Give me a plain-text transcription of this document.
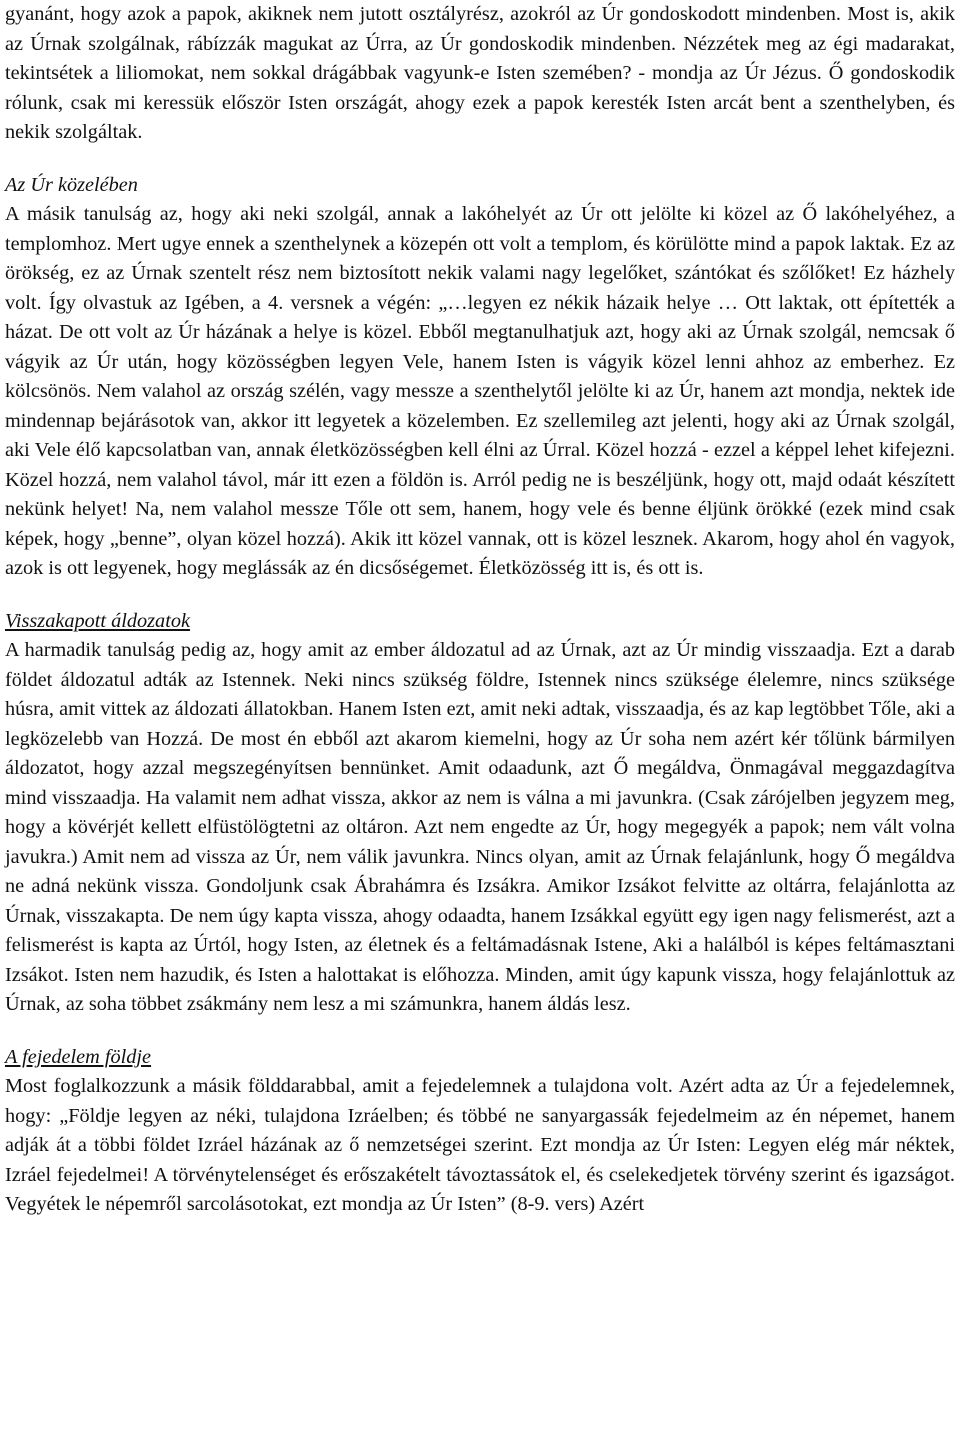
gyanánt, hogy azok a papok, akiknek nem jutott osztályrész, azokról az Úr gondoskodott mindenben. Most is, akik az Úrnak szolgálnak, rábízzák magukat az Úrra, az Úr gondoskodik mindenben. Nézzétek meg az égi madarakat, tekintsétek a liliomokat, nem sokkal drágábbak vagyunk-e Isten szemében? - mondja az Úr Jézus. Ő gondoskodik rólunk, csak mi keressük először Isten országát, ahogy ezek a papok keresték Isten arcát bent a szenthelyben, és nekik szolgáltak.

Az Úr közelében

A másik tanulság az, hogy aki neki szolgál, annak a lakóhelyét az Úr ott jelölte ki közel az Ő lakóhelyéhez, a templomhoz. Mert ugye ennek a szenthelynek a közepén ott volt a templom, és körülötte mind a papok laktak. Ez az örökség, ez az Úrnak szentelt rész nem biztosított nekik valami nagy legelőket, szántókat és szőlőket! Ez házhely volt. Így olvastuk az Igében, a 4. versnek a végén: „…legyen ez nékik házaik helye … Ott laktak, ott építették a házat. De ott volt az Úr házának a helye is közel. Ebből megtanulhatjuk azt, hogy aki az Úrnak szolgál, nemcsak ő vágyik az Úr után, hogy közösségben legyen Vele, hanem Isten is vágyik közel lenni ahhoz az emberhez. Ez kölcsönös. Nem valahol az ország szélén, vagy messze a szenthelytől jelölte ki az Úr, hanem azt mondja, nektek ide mindennap bejárásotok van, akkor itt legyetek a közelemben. Ez szellemileg azt jelenti, hogy aki az Úrnak szolgál, aki Vele élő kapcsolatban van, annak életközösségben kell élni az Úrral. Közel hozzá - ezzel a képpel lehet kifejezni. Közel hozzá, nem valahol távol, már itt ezen a földön is. Arról pedig ne is beszéljünk, hogy ott, majd odaát készített nekünk helyet! Na, nem valahol messze Tőle ott sem, hanem, hogy vele és benne éljünk örökké (ezek mind csak képek, hogy „benne”, olyan közel hozzá). Akik itt közel vannak, ott is közel lesznek. Akarom, hogy ahol én vagyok, azok is ott legyenek, hogy meglássák az én dicsőségemet. Életközösség itt is, és ott is.

Visszakapott áldozatok

A harmadik tanulság pedig az, hogy amit az ember áldozatul ad az Úrnak, azt az Úr mindig visszaadja. Ezt a darab földet áldozatul adták az Istennek. Neki nincs szükség földre, Istennek nincs szüksége élelemre, nincs szüksége húsra, amit vittek az áldozati állatokban. Hanem Isten ezt, amit neki adtak, visszaadja, és az kap legtöbbet Tőle, aki a legközelebb van Hozzá. De most én ebből azt akarom kiemelni, hogy az Úr soha nem azért kér tőlünk bármilyen áldozatot, hogy azzal megszegényítsen bennünket. Amit odaadunk, azt Ő megáldva, Önmagával meggazdagítva mind visszaadja. Ha valamit nem adhat vissza, akkor az nem is válna a mi javunkra. (Csak zárójelben jegyzem meg, hogy a kövérjét kellett elfüstölögtetni az oltáron. Azt nem engedte az Úr, hogy megegyék a papok; nem vált volna javukra.) Amit nem ad vissza az Úr, nem válik javunkra. Nincs olyan, amit az Úrnak felajánlunk, hogy Ő megáldva ne adná nekünk vissza. Gondoljunk csak Ábrahámra és Izsákra. Amikor Izsákot felvitte az oltárra, felajánlotta az Úrnak, visszakapta. De nem úgy kapta vissza, ahogy odaadta, hanem Izsákkal együtt egy igen nagy felismerést, azt a felismerést is kapta az Úrtól, hogy Isten, az életnek és a feltámadásnak Istene, Aki a halálból is képes feltámasztani Izsákot. Isten nem hazudik, és Isten a halottakat is előhozza. Minden, amit úgy kapunk vissza, hogy felajánlottuk az Úrnak, az soha többet zsákmány nem lesz a mi számunkra, hanem áldás lesz.

A fejedelem földje

Most foglalkozzunk a másik földdarabbal, amit a fejedelemnek a tulajdona volt. Azért adta az Úr a fejedelemnek, hogy: „Földje legyen az néki, tulajdona Izráelben; és többé ne sanyargassák fejedelmeim az én népemet, hanem adják át a többi földet Izráel házának az ő nemzetségei szerint. Ezt mondja az Úr Isten: Legyen elég már néktek, Izráel fejedelmei! A törvénytelenséget és erőszakételt távoztassátok el, és cselekedjetek törvény szerint és igazságot. Vegyétek le népemről sarcolásotokat, ezt mondja az Úr Isten” (8-9. vers) Azért
